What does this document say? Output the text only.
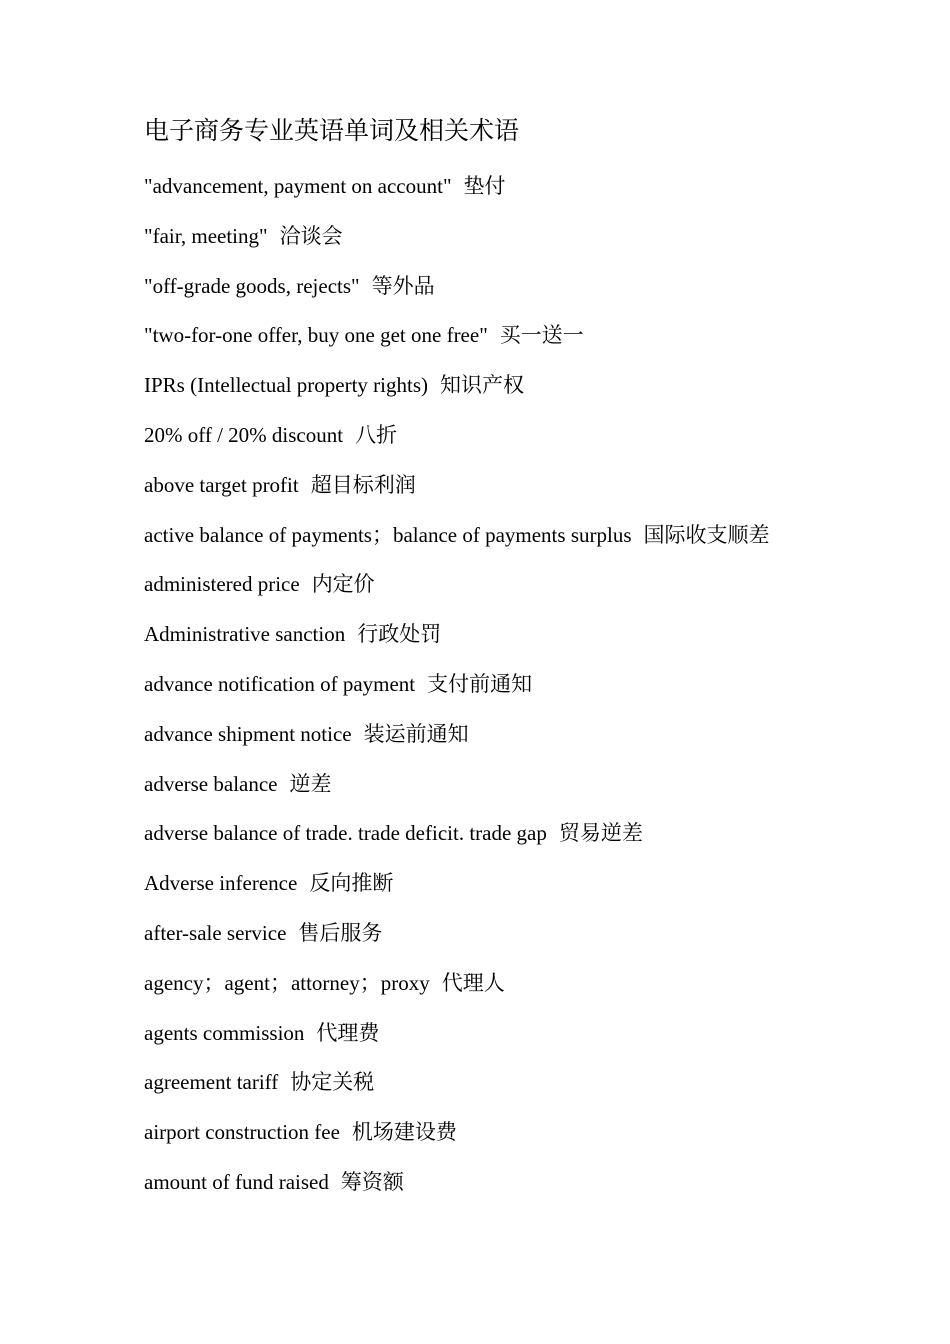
电子商务专业英语单词及相关术语
"advancement, payment on account" 垫付
"fair, meeting" 洽谈会
"off-grade goods, rejects" 等外品
"two-for-one offer, buy one get one free" 买一送一
IPRs (Intellectual property rights) 知识产权
20% off / 20% discount 八折
above target profit 超目标利润
active balance of payments；balance of payments surplus 国际收支顺差
administered price 内定价
Administrative sanction 行政处罚
advance notification of payment 支付前通知
advance shipment notice 装运前通知
adverse balance 逆差
adverse balance of trade. trade deficit. trade gap 贸易逆差
Adverse inference 反向推断
after-sale service 售后服务
agency；agent；attorney；proxy 代理人
agents commission 代理费
agreement tariff 协定关税
airport construction fee 机场建设费
amount of fund raised 筹资额
